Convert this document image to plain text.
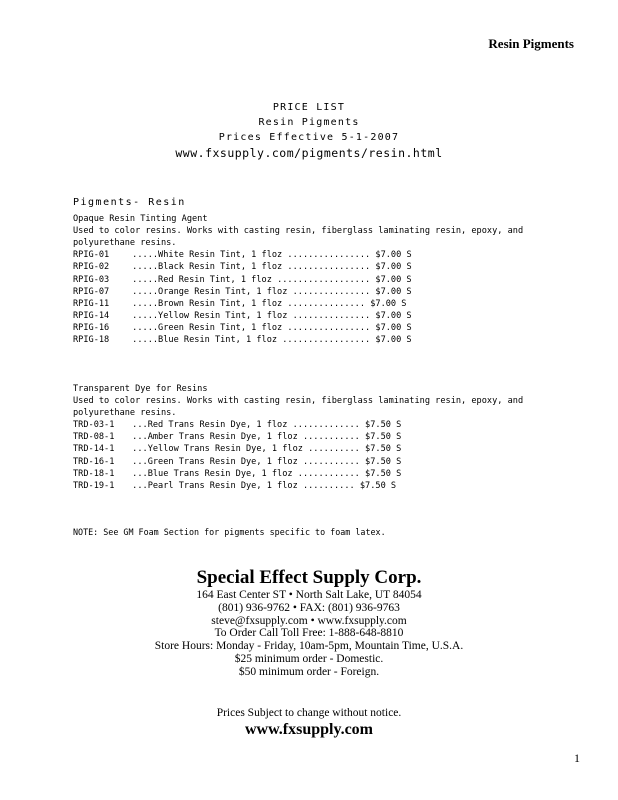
Resin Pigments
PRICE LIST
Resin Pigments
Prices Effective 5-1-2007
www.fxsupply.com/pigments/resin.html
Pigments- Resin
Opaque Resin Tinting Agent
Used to color resins. Works with casting resin, fiberglass laminating resin, epoxy, and polyurethane resins.
RPIG-01 .....White Resin Tint, 1 floz ................ $7.00 S
RPIG-02 .....Black Resin Tint, 1 floz ................ $7.00 S
RPIG-03 .....Red Resin Tint, 1 floz .................. $7.00 S
RPIG-07 .....Orange Resin Tint, 1 floz ............... $7.00 S
RPIG-11 .....Brown Resin Tint, 1 floz ............... $7.00 S
RPIG-14 .....Yellow Resin Tint, 1 floz ............... $7.00 S
RPIG-16 .....Green Resin Tint, 1 floz ................ $7.00 S
RPIG-18 .....Blue Resin Tint, 1 floz ................. $7.00 S
Transparent Dye for Resins
Used to color resins. Works with casting resin, fiberglass laminating resin, epoxy, and polyurethane resins.
TRD-03-1 ...Red Trans Resin Dye, 1 floz ............. $7.50 S
TRD-08-1 ...Amber Trans Resin Dye, 1 floz ........... $7.50 S
TRD-14-1 ...Yellow Trans Resin Dye, 1 floz .......... $7.50 S
TRD-16-1 ...Green Trans Resin Dye, 1 floz ........... $7.50 S
TRD-18-1 ...Blue Trans Resin Dye, 1 floz ............ $7.50 S
TRD-19-1 ...Pearl Trans Resin Dye, 1 floz .......... $7.50 S
NOTE: See GM Foam Section for pigments specific to foam latex.
Special Effect Supply Corp.
164 East Center ST • North Salt Lake, UT 84054
(801) 936-9762 • FAX: (801) 936-9763
steve@fxsupply.com • www.fxsupply.com
To Order Call Toll Free: 1-888-648-8810
Store Hours: Monday - Friday, 10am-5pm, Mountain Time, U.S.A.
$25 minimum order - Domestic.
$50 minimum order - Foreign.
Prices Subject to change without notice.
www.fxsupply.com
1
